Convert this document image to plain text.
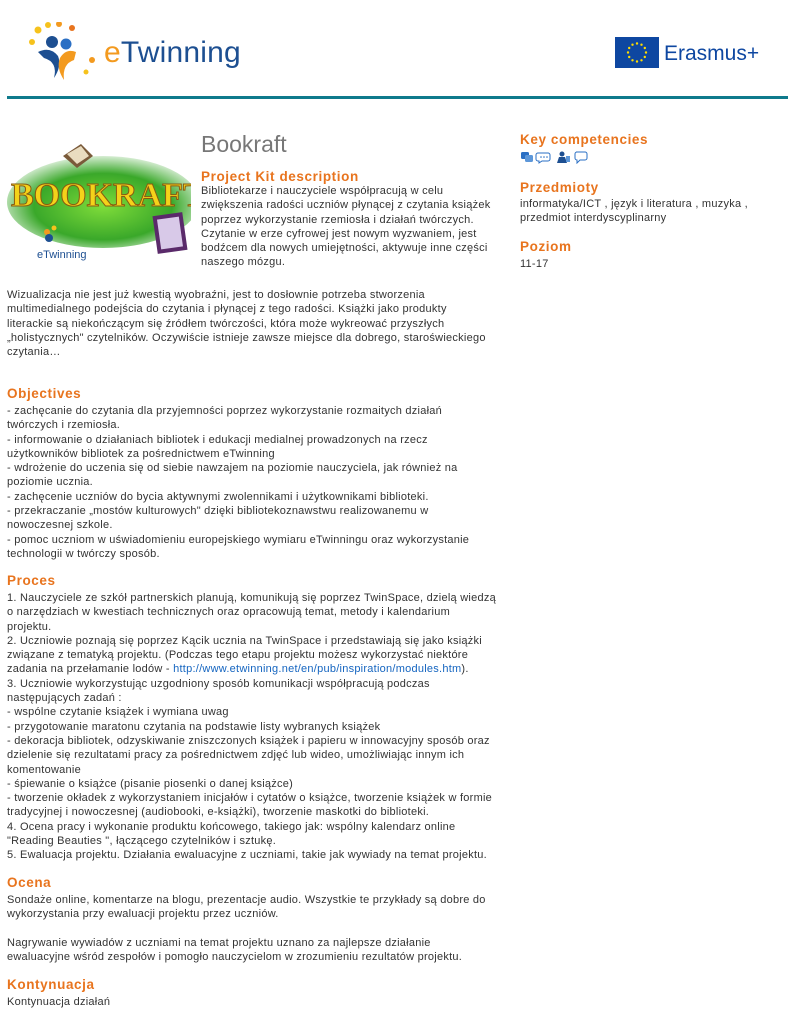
eTwinning	Erasmus+
BOOKRAFT
eTwinning
Bookraft
Project Kit description
Bibliotekarze i nauczyciele współpracują w celu
zwiększenia radości uczniów płynącej z czytania książek
poprzez wykorzystanie rzemiosła i działań twórczych.
Czytanie w erze cyfrowej jest nowym wyzwaniem, jest
bodźcem dla nowych umiejętności, aktywuje inne części
naszego mózgu.
Wizualizacja nie jest już kwestią wyobraźni, jest to dosłownie potrzeba stworzenia
multimedialnego podejścia do czytania i płynącej z tego radości. Książki jako produkty
literackie są niekończącym się źródłem twórczości, która może wykreować przyszłych
„holistycznych" czytelników. Oczywiście istnieje zawsze miejsce dla dobrego, staroświeckiego
czytania…
Key competencies
Przedmioty
informatyka/ICT , język i literatura , muzyka ,
przedmiot interdyscyplinarny
Poziom
11-17
Objectives
- zachęcanie do czytania dla przyjemności poprzez wykorzystanie rozmaitych działań
twórczych i rzemiosła.
- informowanie o działaniach bibliotek i edukacji medialnej prowadzonych na rzecz
użytkowników bibliotek za pośrednictwem eTwinning
- wdrożenie do uczenia się od siebie nawzajem na poziomie nauczyciela, jak również na
poziomie ucznia.
- zachęcenie uczniów do bycia aktywnymi zwolennikami i użytkownikami biblioteki.
- przekraczanie „mostów kulturowych" dzięki bibliotekoznawstwu realizowanemu w
nowoczesnej szkole.
- pomoc uczniom w uświadomieniu europejskiego wymiaru eTwinningu oraz wykorzystanie
technologii w twórczy sposób.
Proces
1. Nauczyciele ze szkół partnerskich planują, komunikują się poprzez TwinSpace, dzielą wiedzą
o narzędziach w kwestiach technicznych oraz opracowują temat, metody i kalendarium
projektu.
2. Uczniowie poznają się poprzez Kącik ucznia na TwinSpace i przedstawiają się jako książki
związane z tematyką projektu. (Podczas tego etapu projektu możesz wykorzystać niektóre
zadania na przełamanie lodów - http://www.etwinning.net/en/pub/inspiration/modules.htm).
3. Uczniowie wykorzystując uzgodniony sposób komunikacji współpracują podczas
następujących zadań :
- wspólne czytanie książek i wymiana uwag
- przygotowanie maratonu czytania na podstawie listy wybranych książek
- dekoracja bibliotek, odzyskiwanie zniszczonych książek i papieru w innowacyjny sposób oraz
dzielenie się rezultatami pracy za pośrednictwem zdjęć lub wideo, umożliwiając innym ich
komentowanie
- śpiewanie o książce (pisanie piosenki o danej książce)
- tworzenie okładek z wykorzystaniem inicjałów i cytatów o książce, tworzenie książek w formie
tradycyjnej i nowoczesnej (audiobooki, e-książki), tworzenie maskotki do biblioteki.
4. Ocena pracy i wykonanie produktu końcowego, takiego jak: wspólny kalendarz online
"Reading Beauties ", łączącego czytelników i sztukę.
5. Ewaluacja projektu. Działania ewaluacyjne z uczniami, takie jak wywiady na temat projektu.
Ocena
Sondaże online, komentarze na blogu, prezentacje audio. Wszystkie te przykłady są dobre do
wykorzystania przy ewaluacji projektu przez uczniów.
Nagrywanie wywiadów z uczniami na temat projektu uznano za najlepsze działanie
ewaluacyjne wśród zespołów i pomogło nauczycielom w zrozumieniu rezultatów projektu.
Kontynuacja
Kontynuacja działań
